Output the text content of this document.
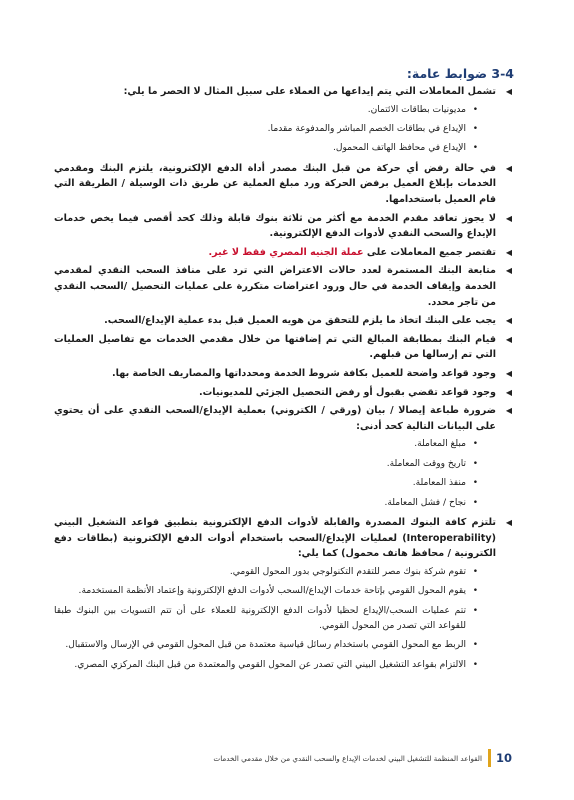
3-4 ضوابط عامة:
◀
تشمل المعاملات التي يتم إيداعها من العملاء على سبيل المثال لا الحصر ما يلي:
•
مديونيات بطاقات الائتمان.
•
الإيداع في بطاقات الخصم المباشر والمدفوعة مقدما.
•
الإيداع في محافظ الهاتف المحمول.
◀
في حالة رفض أي حركة من قبل البنك مصدر أداة الدفع الإلكترونية، يلتزم البنك ومقدمي الخدمات بإبلاغ العميل برفض الحركة ورد مبلغ العملية عن طريق ذات الوسيلة / الطريقة التي قام العميل باستخدامها.
◀
لا يجوز تعاقد مقدم الخدمة مع أكثر من ثلاثة بنوك قابلة وذلك كحد أقصى فيما يخص خدمات الإيداع والسحب النقدي لأدوات الدفع الإلكترونية.
◀
تقتصر جميع المعاملات على عملة الجنيه المصري فقط لا غير.
◀
متابعة البنك المستمرة لعدد حالات الاعتراض التي ترد على منافذ السحب النقدي لمقدمي الخدمة وإيقاف الخدمة في حال ورود اعتراضات متكررة على عمليات التحصيل /السحب النقدي من تاجر محدد.
◀
يجب على البنك اتخاذ ما يلزم للتحقق من هويه العميل قبل بدء عملية الإيداع/السحب.
◀
قيام البنك بمطابقة المبالغ التي تم إضافتها من خلال مقدمي الخدمات مع تفاصيل العمليات التي تم إرسالها من قبلهم.
◀
وجود قواعد واضحة للعميل بكافة شروط الخدمة ومحدداتها والمصاريف الخاصة بها.
◀
وجود قواعد تقضي بقبول أو رفض التحصيل الجزئي للمديونيات.
◀
ضرورة طباعة إيصالا / بيان (ورقي / الكتروني) بعملية الإيداع/السحب النقدي على أن يحتوي على البيانات التالية كحد أدنى:
•
مبلغ المعاملة.
•
تاريخ ووقت المعاملة.
•
منفذ المعاملة.
•
نجاح / فشل المعاملة.
◀
تلتزم كافة البنوك المصدرة والقابلة لأدوات الدفع الإلكترونية بتطبيق قواعد التشغيل البيني (Interoperability) لعمليات الإيداع/السحب باستخدام أدوات الدفع الإلكترونية (بطاقات دفع الكترونية / محافظ هاتف محمول) كما يلي:
•
تقوم شركة بنوك مصر للتقدم التكنولوجي بدور المحول القومي.
•
يقوم المحول القومي بإتاحة خدمات الإيداع/السحب لأدوات الدفع الإلكترونية وإعتماد الأنظمة المستخدمة.
•
تتم عمليات السحب/الإيداع لحظيا لأدوات الدفع الإلكترونية للعملاء على أن تتم التسويات بين البنوك طبقا للقواعد التي تصدر من المحول القومي.
•
الربط مع المحول القومي باستخدام رسائل قياسية معتمدة من قبل المحول القومي في الإرسال والاستقبال.
•
الالتزام بقواعد التشغيل البيني التي تصدر عن المحول القومي والمعتمدة من قبل البنك المركزي المصري.
10
القواعد المنظمة للتشغيل البيني لخدمات الإيداع والسحب النقدي من خلال مقدمي الخدمات
